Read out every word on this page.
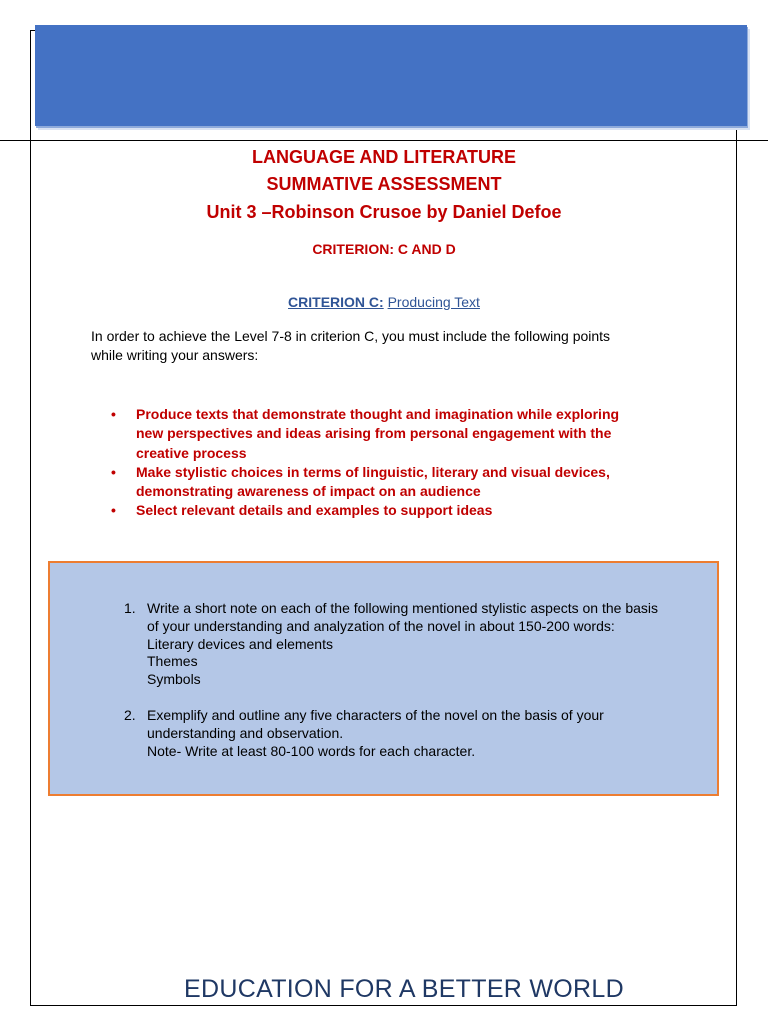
LANGUAGE AND LITERATURE
SUMMATIVE ASSESSMENT
Unit 3 –Robinson Crusoe by Daniel Defoe
CRITERION: C AND D
CRITERION C: Producing Text
In order to achieve the Level 7-8 in criterion C, you must include the following points
while writing your answers:
• Produce texts that demonstrate thought and imagination while exploring
new perspectives and ideas arising from personal engagement with the
creative process
• Make stylistic choices in terms of linguistic, literary and visual devices,
demonstrating awareness of impact on an audience
• Select relevant details and examples to support ideas
1. Write a short note on each of the following mentioned stylistic aspects on the basis
of your understanding and analyzation of the novel in about 150-200 words:
Literary devices and elements
Themes
Symbols
2. Exemplify and outline any five characters of the novel on the basis of your
understanding and observation.
Note- Write at least 80-100 words for each character.
EDUCATION FOR A BETTER WORLD
